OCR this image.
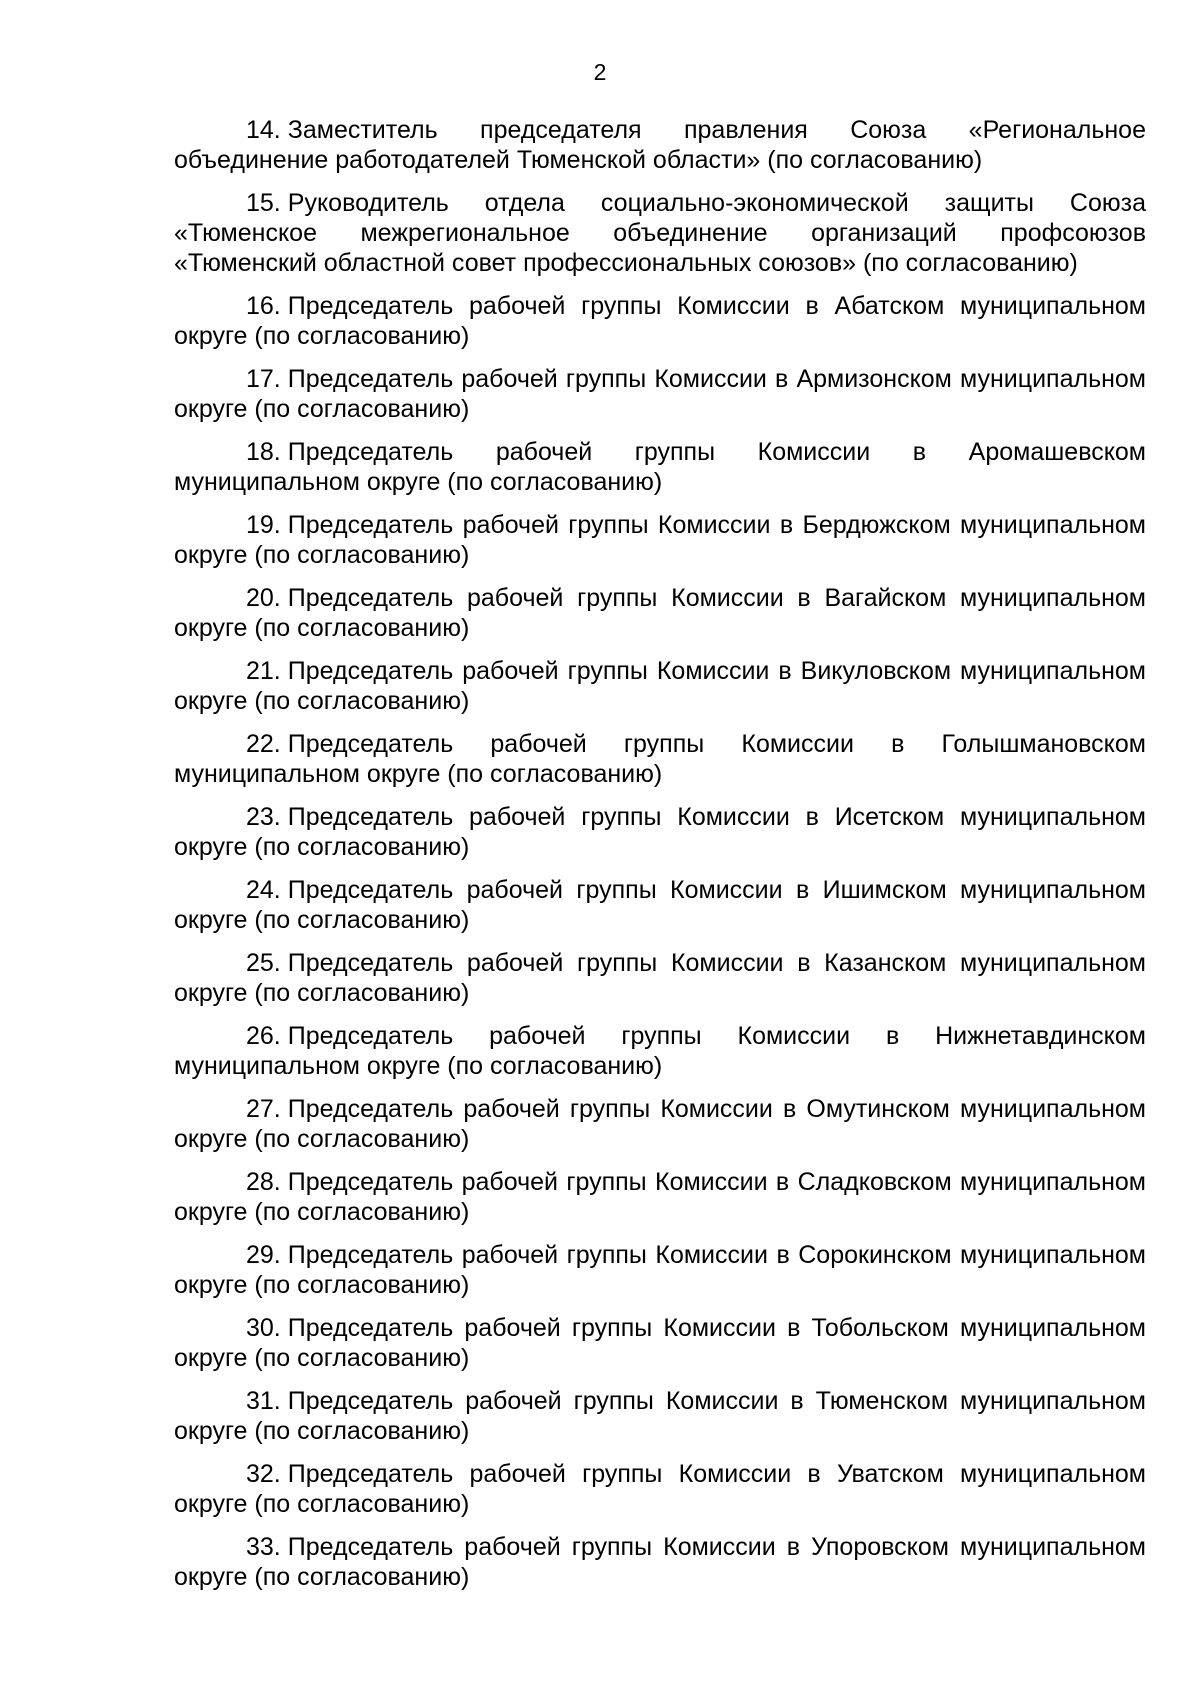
2

14. Заместитель председателя правления Союза «Региональное объединение работодателей Тюменской области» (по согласованию)

15. Руководитель отдела социально-экономической защиты Союза «Тюменское межрегиональное объединение организаций профсоюзов «Тюменский областной совет профессиональных союзов» (по согласованию)

16. Председатель рабочей группы Комиссии в Абатском муниципальном округе (по согласованию)

17. Председатель рабочей группы Комиссии в Армизонском муниципальном округе (по согласованию)

18. Председатель рабочей группы Комиссии в Аромашевском муниципальном округе (по согласованию)

19. Председатель рабочей группы Комиссии в Бердюжском муниципальном округе (по согласованию)

20. Председатель рабочей группы Комиссии в Вагайском муниципальном округе (по согласованию)

21. Председатель рабочей группы Комиссии в Викуловском муниципальном округе (по согласованию)

22. Председатель рабочей группы Комиссии в Голышмановском муниципальном округе (по согласованию)

23. Председатель рабочей группы Комиссии в Исетском муниципальном округе (по согласованию)

24. Председатель рабочей группы Комиссии в Ишимском муниципальном округе (по согласованию)

25. Председатель рабочей группы Комиссии в Казанском муниципальном округе (по согласованию)

26. Председатель рабочей группы Комиссии в Нижнетавдинском муниципальном округе (по согласованию)

27. Председатель рабочей группы Комиссии в Омутинском муниципальном округе (по согласованию)

28. Председатель рабочей группы Комиссии в Сладковском муниципальном округе (по согласованию)

29. Председатель рабочей группы Комиссии в Сорокинском муниципальном округе (по согласованию)

30. Председатель рабочей группы Комиссии в Тобольском муниципальном округе (по согласованию)

31. Председатель рабочей группы Комиссии в Тюменском муниципальном округе (по согласованию)

32. Председатель рабочей группы Комиссии в Уватском муниципальном округе (по согласованию)

33. Председатель рабочей группы Комиссии в Упоровском муниципальном округе (по согласованию)
